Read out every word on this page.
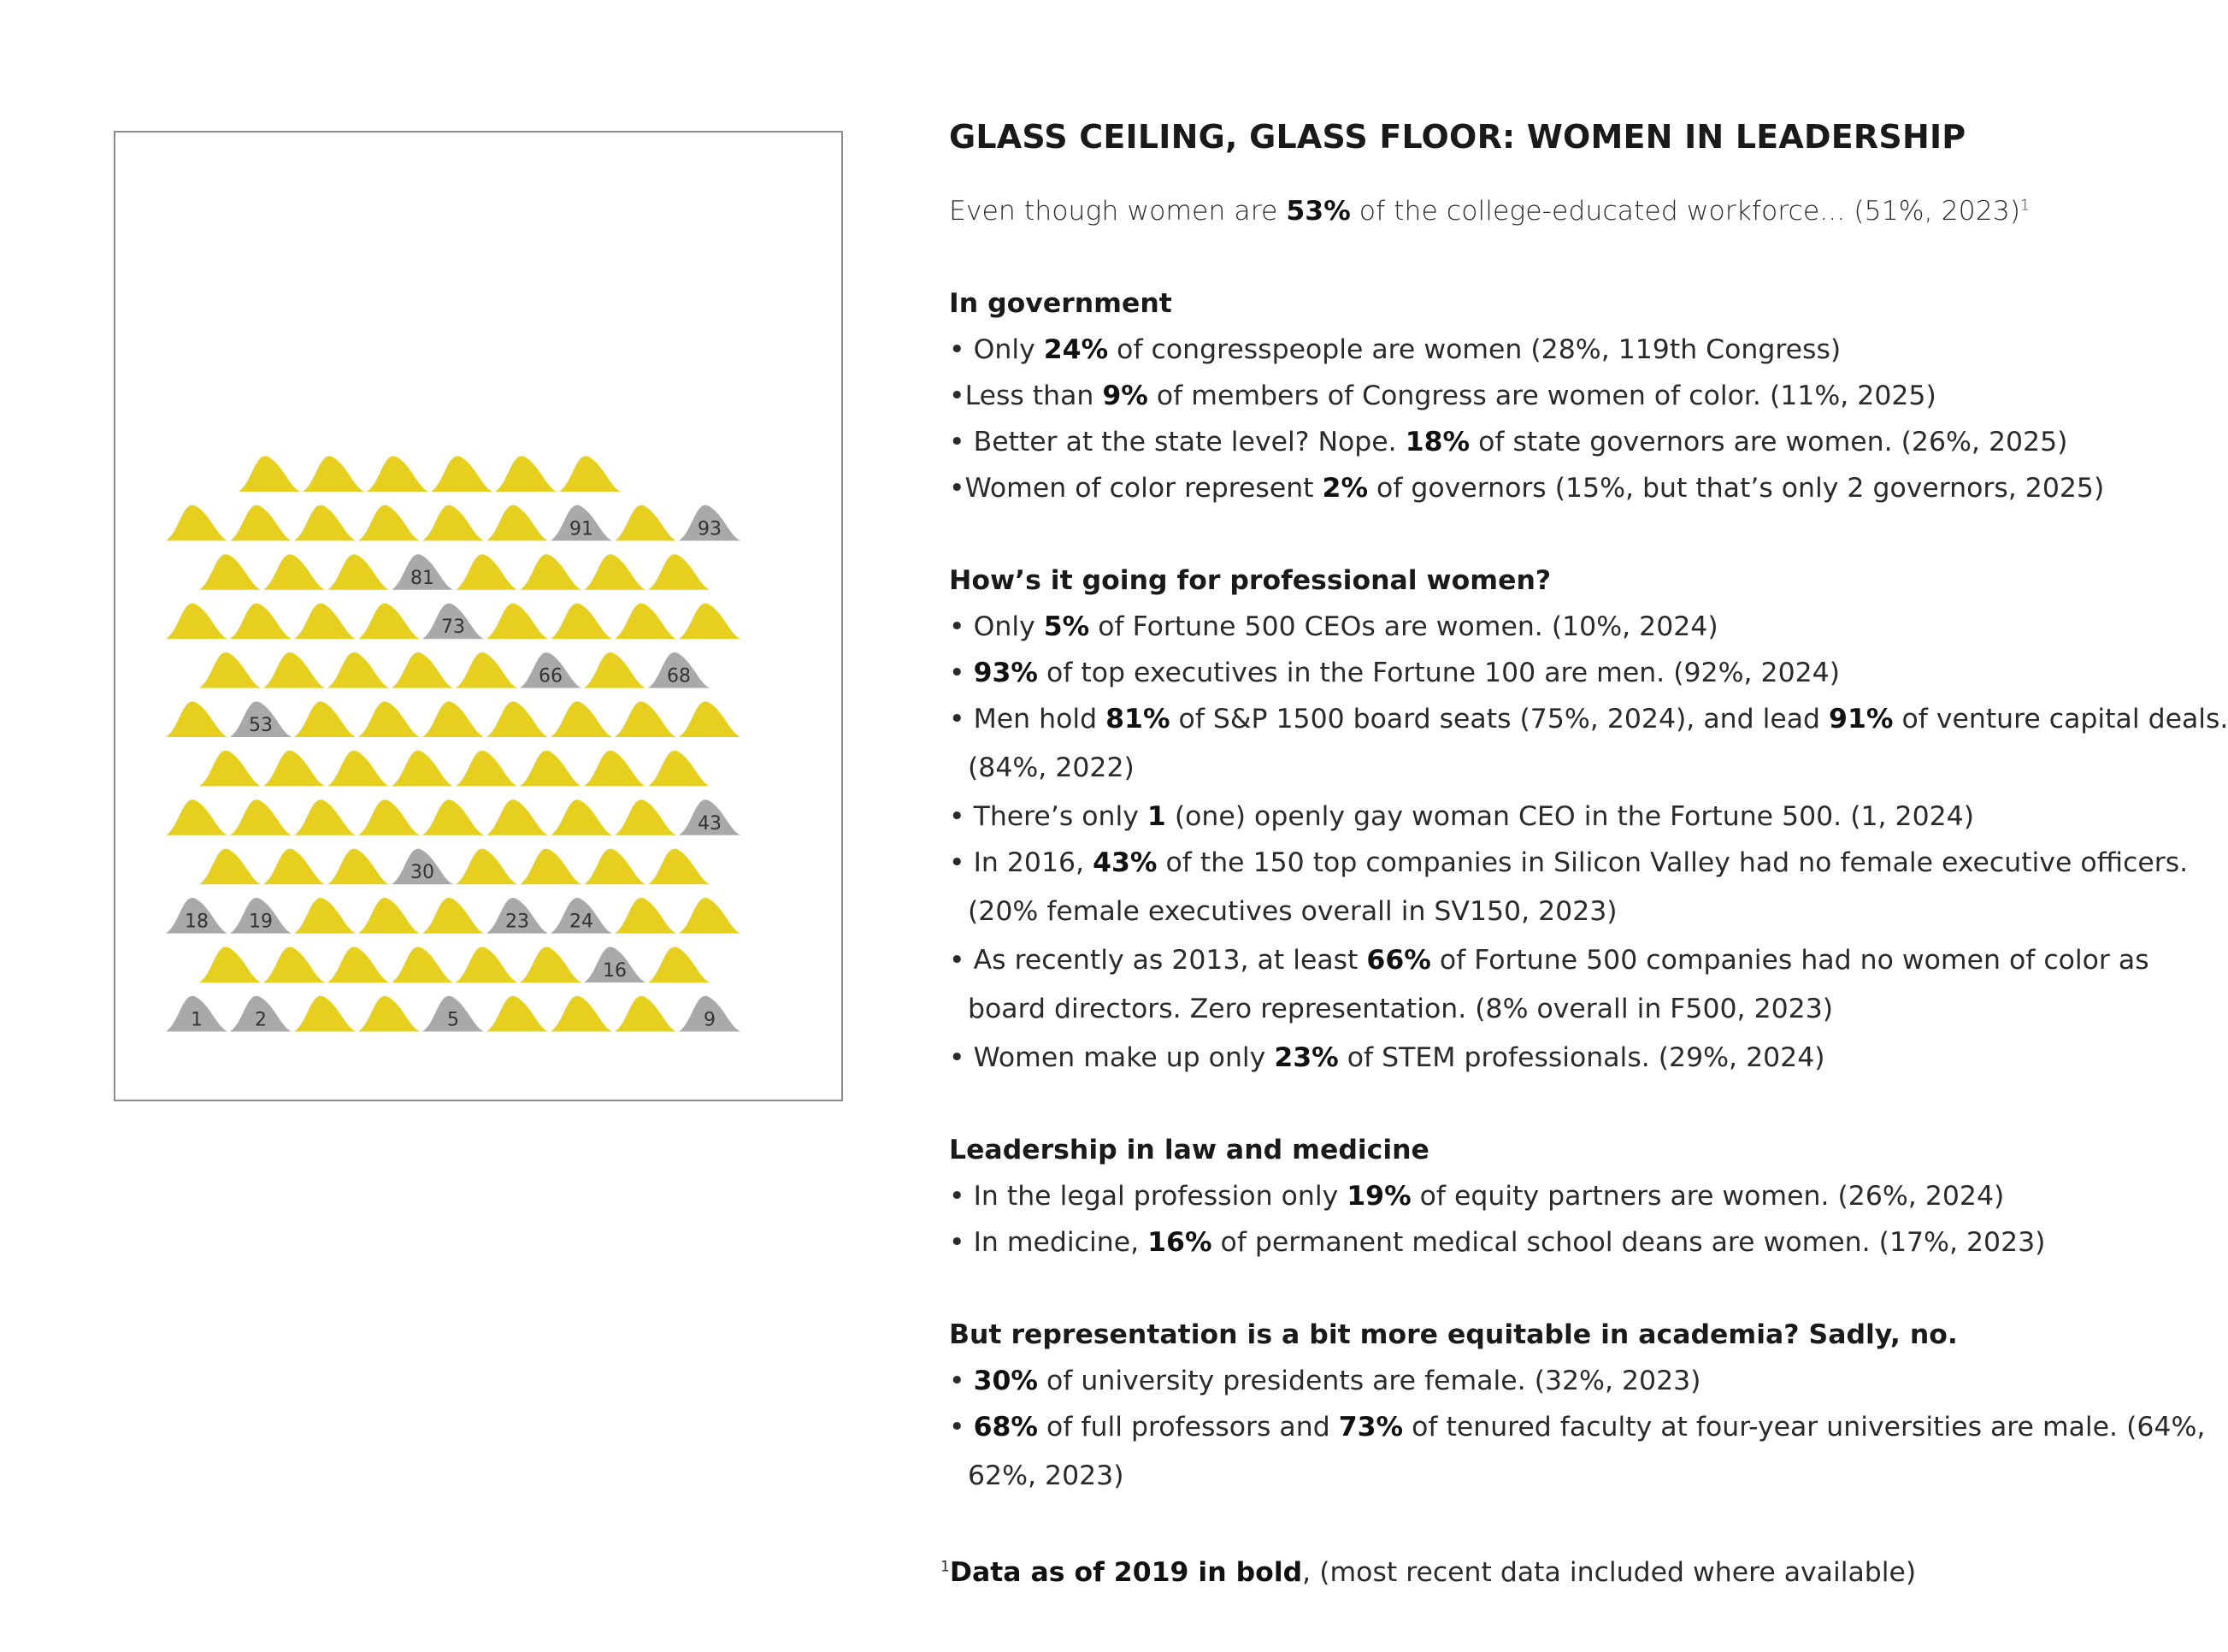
91	93
81
73
66	68
53
43
30
18 19	23 24
16
1	2	5	9
GLASS CEILING, GLASS FLOOR: WOMEN IN LEADERSHIP

Even though women are 53% of the college-educated workforce... (51%, 2023)$^1$

In government

• Only 24% of congresspeople are women (28%, 119th Congress)

•Less than 9% of members of Congress are women of color. (11%, 2025)

• Better at the state level? Nope. 18% of state governors are women. (26%, 2025)

•Women of color represent 2% of governors (15%, but that’s only 2 governors, 2025)

How’s it going for professional women?

• Only 5% of Fortune 500 CEOs are women. (10%, 2024)

• 93% of top executives in the Fortune 100 are men. (92%, 2024)

• Men hold 81% of S&P 1500 board seats (75%, 2024), and lead 91% of venture capital deals.

(84%, 2022)

• There’s only 1 (one) openly gay woman CEO in the Fortune 500. (1, 2024)

• In 2016, 43% of the 150 top companies in Silicon Valley had no female executive officers.

(20% female executives overall in SV150, 2023)

• As recently as 2013, at least 66% of Fortune 500 companies had no women of color as

board directors. Zero representation. (8% overall in F500, 2023)

• Women make up only 23% of STEM professionals. (29%, 2024)

Leadership in law and medicine

• In the legal profession only 19% of equity partners are women. (26%, 2024)

• In medicine, 16% of permanent medical school deans are women. (17%, 2023)

But representation is a bit more equitable in academia? Sadly, no.

• 30% of university presidents are female. (32%, 2023)

• 68% of full professors and 73% of tenured faculty at four-year universities are male. (64%,

62%, 2023)

$^1$Data as of 2019 in bold, (most recent data included where available)
